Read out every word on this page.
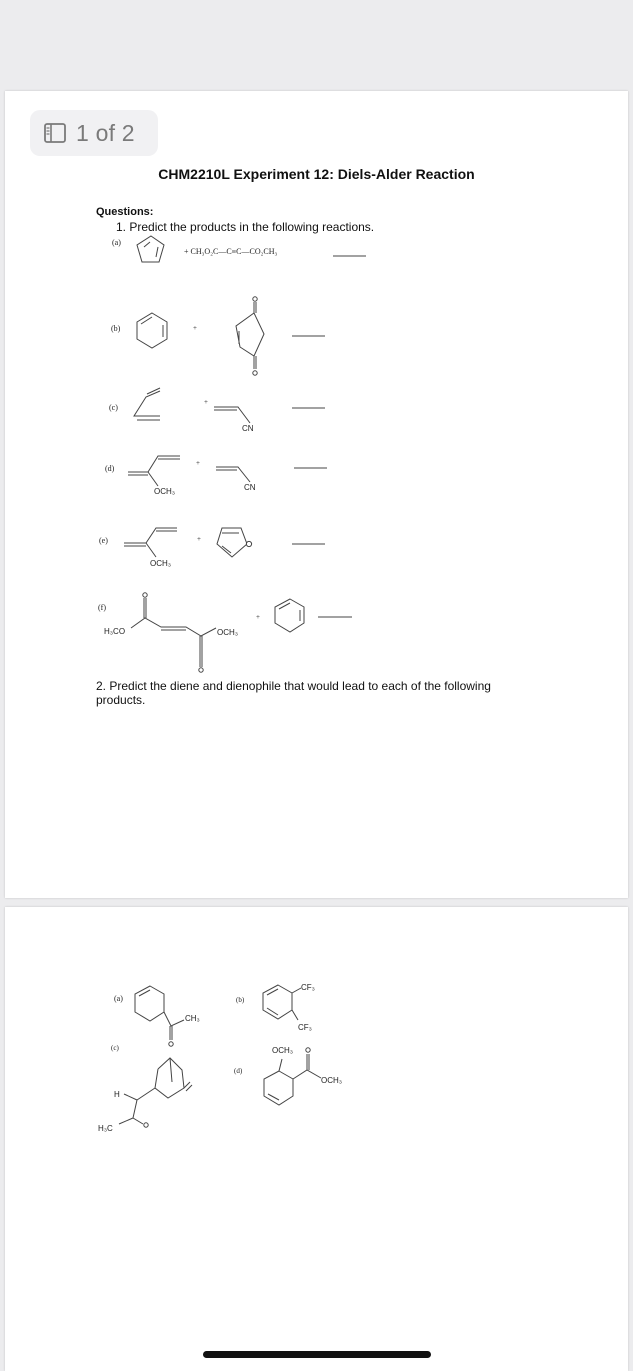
1 of 2
CHM2210L Experiment 12: Diels-Alder Reaction
Questions:
1. Predict the products in the following reactions.
2. Predict the diene and dienophile that would lead to each of the following products.
(a)
+ CH₃O₂C—C≡C—CO₂CH₃
(b)	+
(c)
+
CN
(d)
OCH₃
+
CN
(e)
OCH₃
+
(f)
H₃CO	OCH₃
+
(a)
CH₃
(b)
CF₃
CF₃
(c)
H
H₃C
(d)
OCH₃
OCH₃
